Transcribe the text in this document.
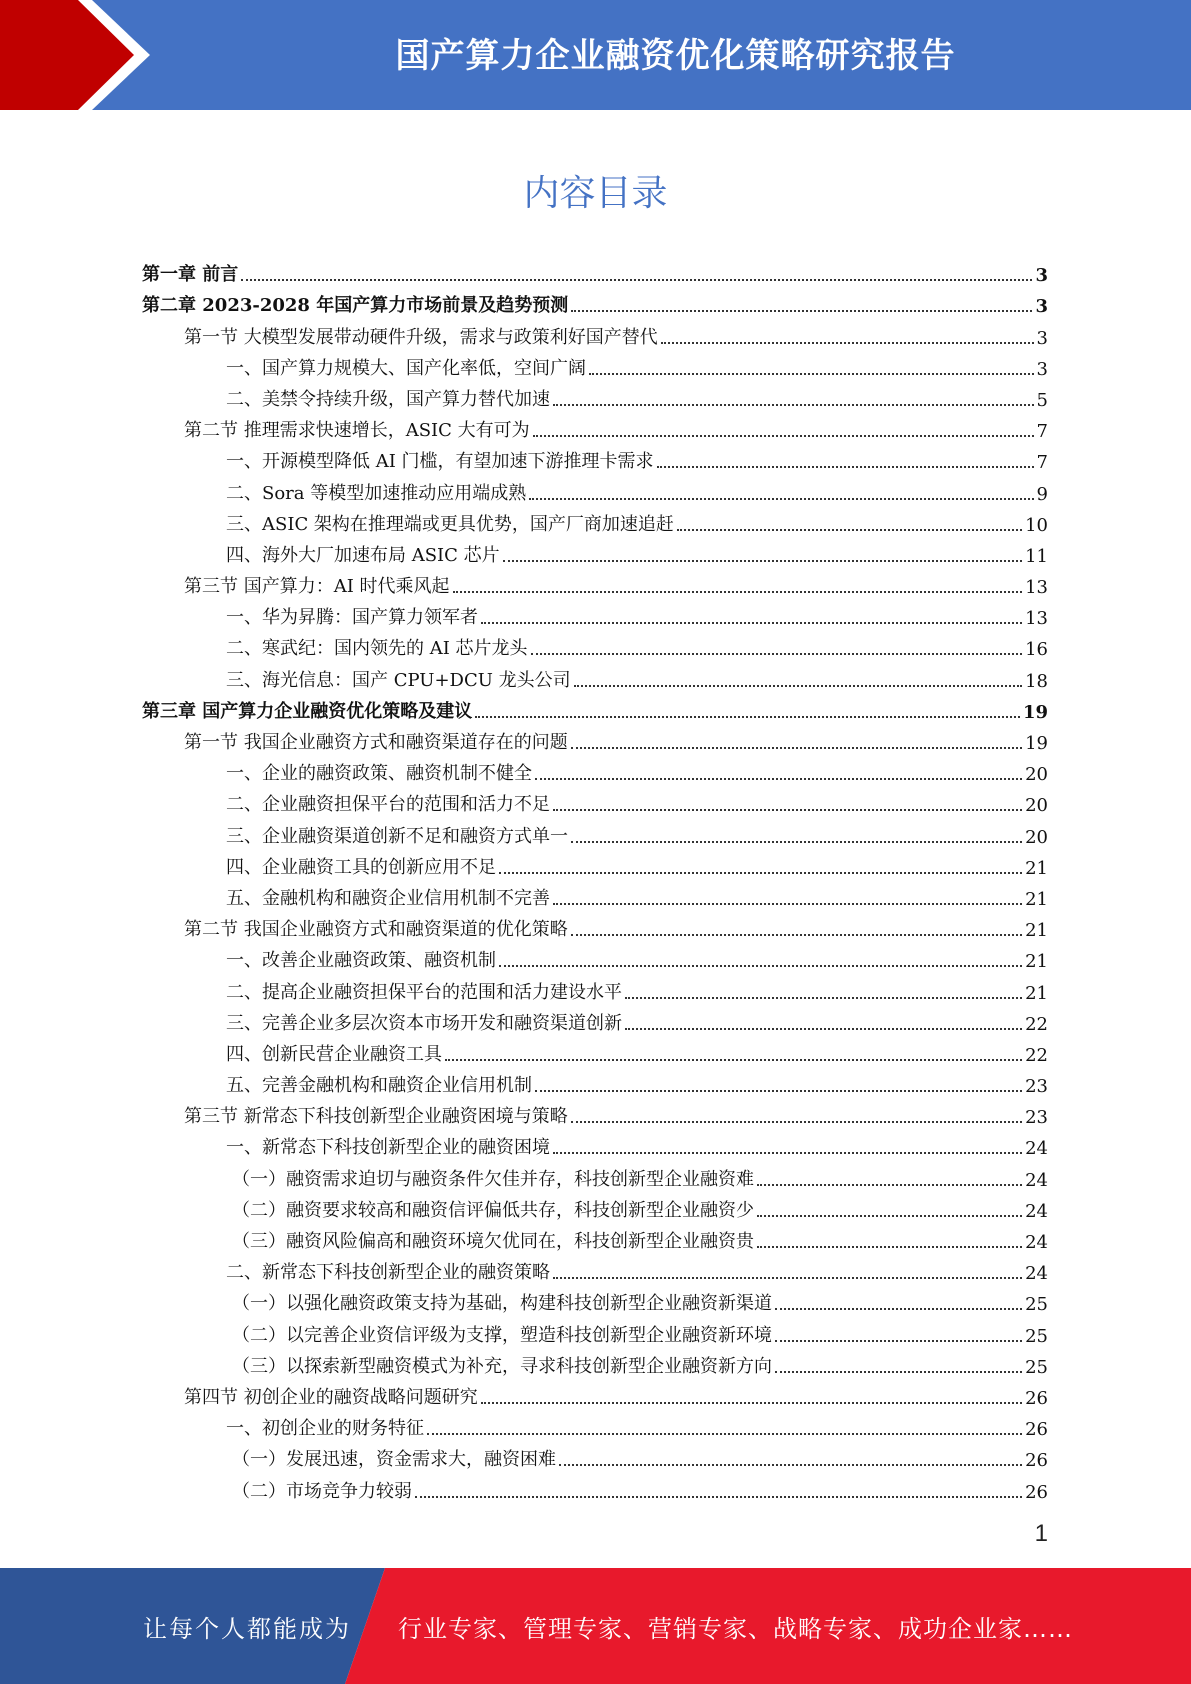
国产算力企业融资优化策略研究报告
内容目录
第一章 前言	3
第二章 2023-2028 年国产算力市场前景及趋势预测	3
第一节 大模型发展带动硬件升级，需求与政策利好国产替代	3
一、国产算力规模大、国产化率低，空间广阔	3
二、美禁令持续升级，国产算力替代加速	5
第二节 推理需求快速增长，ASIC 大有可为	7
一、开源模型降低 AI 门槛，有望加速下游推理卡需求	7
二、Sora 等模型加速推动应用端成熟	9
三、ASIC 架构在推理端或更具优势，国产厂商加速追赶	10
四、海外大厂加速布局 ASIC 芯片	11
第三节 国产算力：AI 时代乘风起	13
一、华为昇腾：国产算力领军者	13
二、寒武纪：国内领先的 AI 芯片龙头	16
三、海光信息：国产 CPU+DCU 龙头公司	18
第三章 国产算力企业融资优化策略及建议	19
第一节 我国企业融资方式和融资渠道存在的问题	19
一、企业的融资政策、融资机制不健全	20
二、企业融资担保平台的范围和活力不足	20
三、企业融资渠道创新不足和融资方式单一	20
四、企业融资工具的创新应用不足	21
五、金融机构和融资企业信用机制不完善	21
第二节 我国企业融资方式和融资渠道的优化策略	21
一、改善企业融资政策、融资机制	21
二、提高企业融资担保平台的范围和活力建设水平	21
三、完善企业多层次资本市场开发和融资渠道创新	22
四、创新民营企业融资工具	22
五、完善金融机构和融资企业信用机制	23
第三节 新常态下科技创新型企业融资困境与策略	23
一、新常态下科技创新型企业的融资困境	24
（一）融资需求迫切与融资条件欠佳并存，科技创新型企业融资难	24
（二）融资要求较高和融资信评偏低共存，科技创新型企业融资少	24
（三）融资风险偏高和融资环境欠优同在，科技创新型企业融资贵	24
二、新常态下科技创新型企业的融资策略	24
（一）以强化融资政策支持为基础，构建科技创新型企业融资新渠道	25
（二）以完善企业资信评级为支撑，塑造科技创新型企业融资新环境	25
（三）以探索新型融资模式为补充，寻求科技创新型企业融资新方向	25
第四节 初创企业的融资战略问题研究	26
一、初创企业的财务特征	26
（一）发展迅速，资金需求大，融资困难	26
（二）市场竞争力较弱	26
1
让每个人都能成为 行业专家、管理专家、营销专家、战略专家、成功企业家……
